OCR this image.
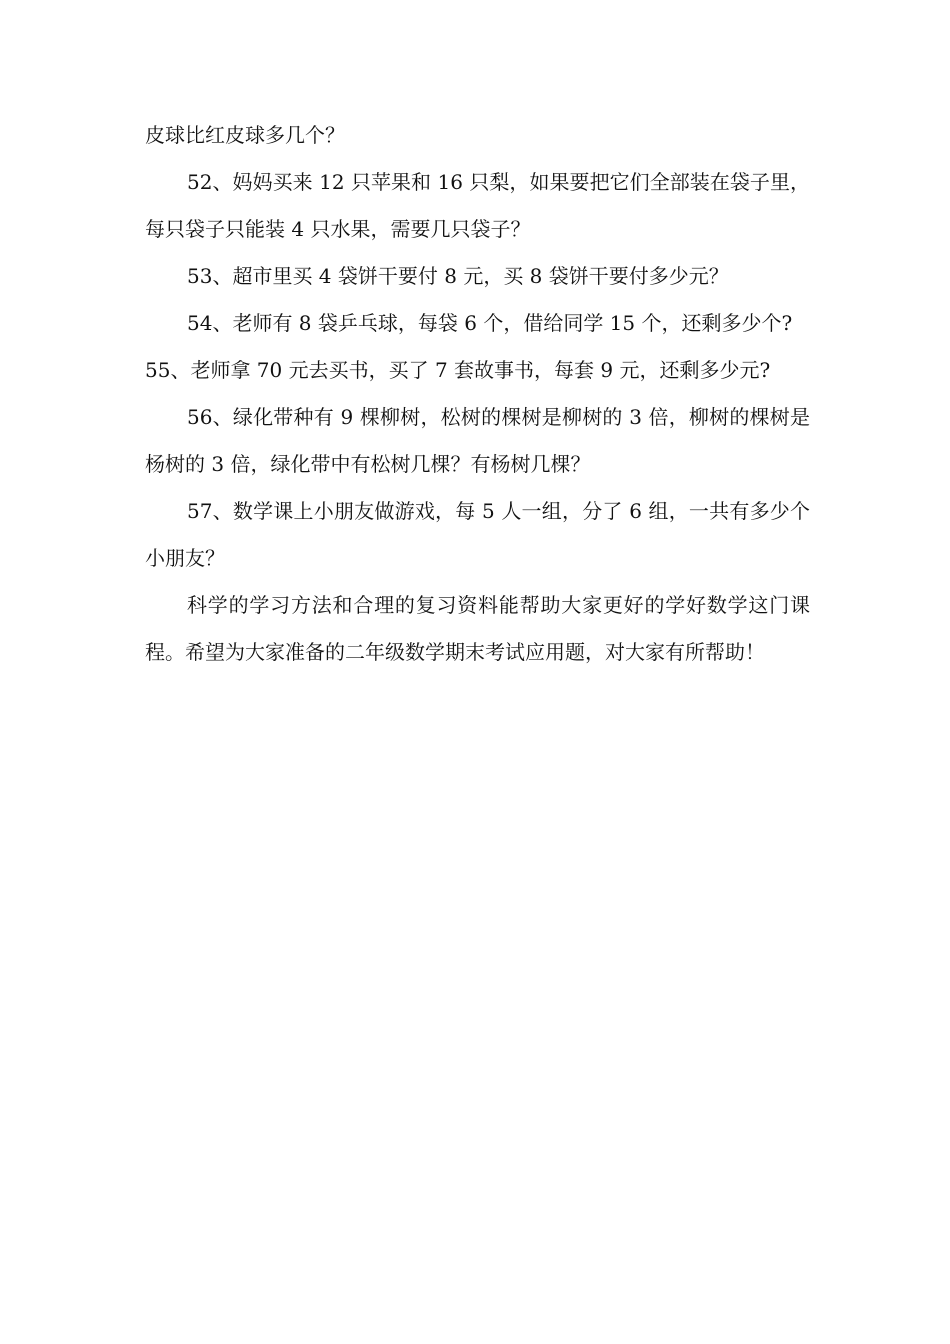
皮球比红皮球多几个？

52、妈妈买来 12 只苹果和 16 只梨，如果要把它们全部装在袋子里，每只袋子只能装 4 只水果，需要几只袋子？

53、超市里买 4 袋饼干要付 8 元，买 8 袋饼干要付多少元？

54、老师有 8 袋乒乓球，每袋 6 个，借给同学 15 个，还剩多少个?

55、老师拿 70 元去买书，买了 7 套故事书，每套 9 元，还剩多少元?

56、绿化带种有 9 棵柳树，松树的棵树是柳树的 3 倍，柳树的棵树是杨树的 3 倍，绿化带中有松树几棵？有杨树几棵？

57、数学课上小朋友做游戏，每 5 人一组，分了 6 组，一共有多少个小朋友？

科学的学习方法和合理的复习资料能帮助大家更好的学好数学这门课程。希望为大家准备的二年级数学期末考试应用题，对大家有所帮助！
